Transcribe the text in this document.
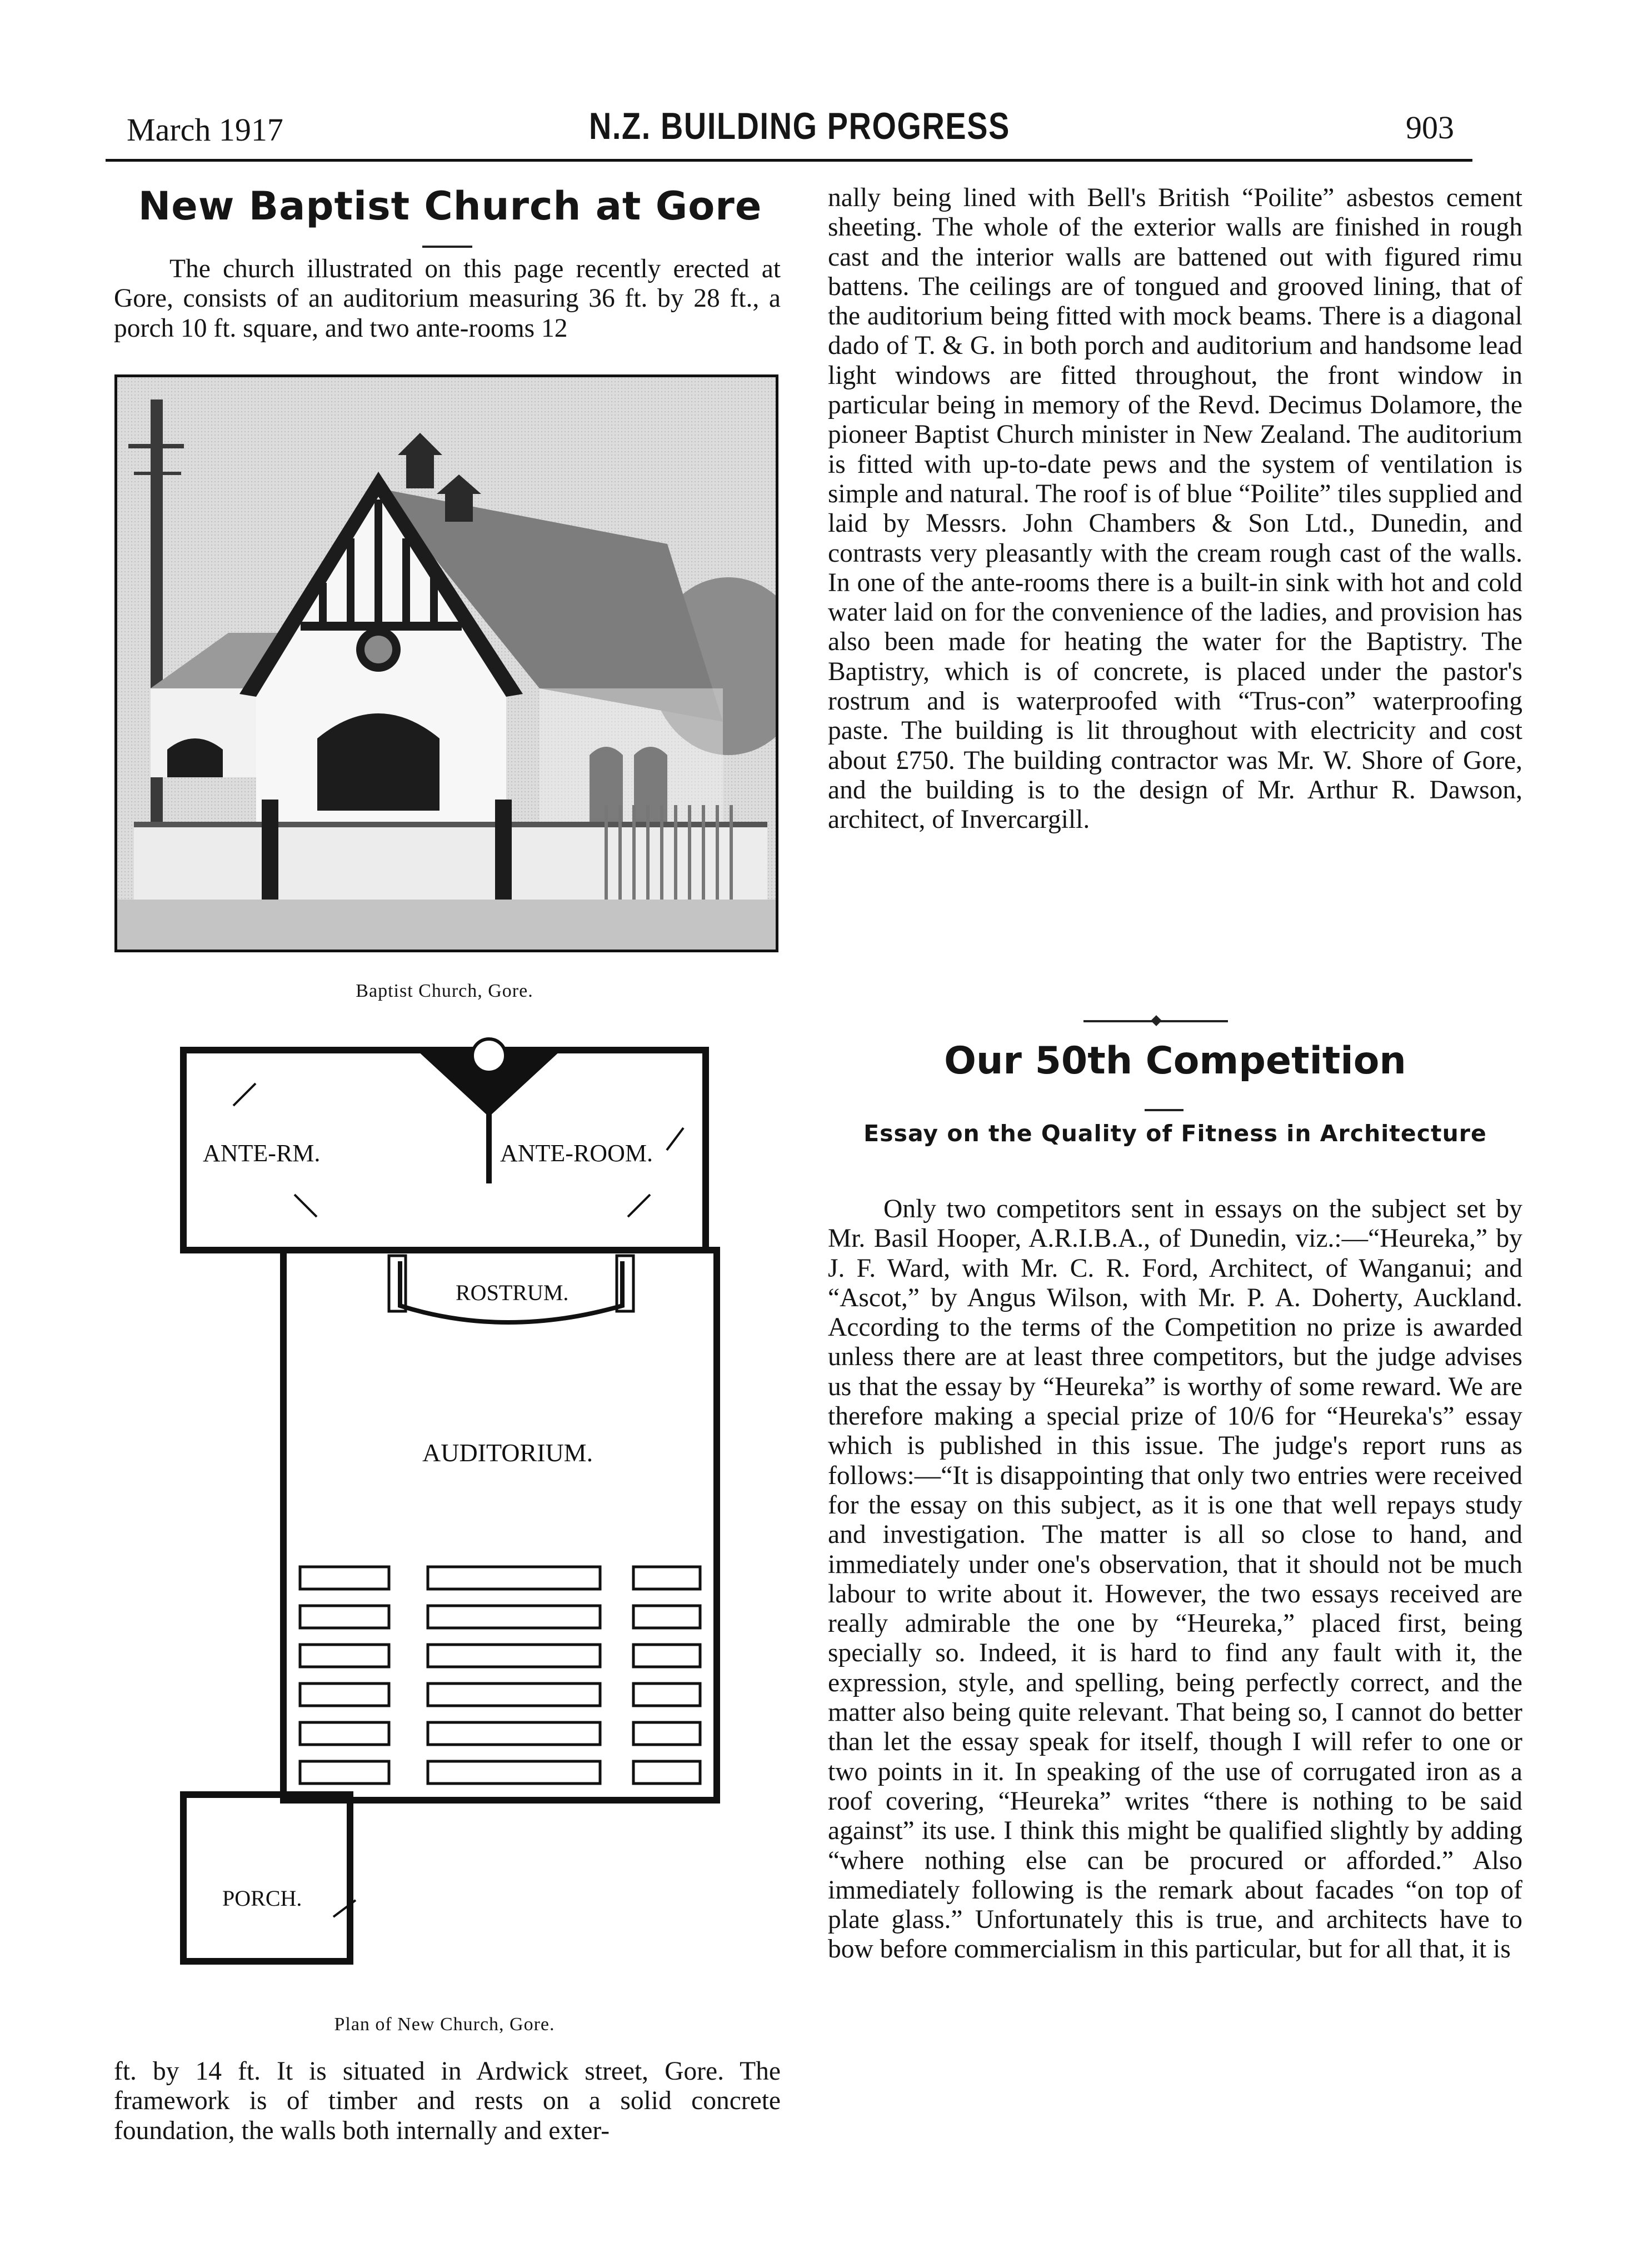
March 1917	N.Z. BUILDING PROGRESS	903
New Baptist Church at Gore

The church illustrated on this page recently erected at Gore, consists of an auditorium measuring 36 ft. by 28 ft., a porch 10 ft. square, and two ante-rooms 12

Baptist Church, Gore.
ANTE-RM.	ANTE-ROOM.
ROSTRUM.
AUDITORIUM.
PORCH.
Plan of New Church, Gore.

ft. by 14 ft. It is situated in Ardwick street, Gore. The framework is of timber and rests on a solid concrete foundation, the walls both internally and exter-

nally being lined with Bell's British “Poilite” asbestos cement sheeting. The whole of the exterior walls are finished in rough cast and the interior walls are battened out with figured rimu battens. The ceilings are of tongued and grooved lining, that of the auditorium being fitted with mock beams. There is a diagonal dado of T. & G. in both porch and auditorium and handsome lead light windows are fitted throughout, the front window in particular being in memory of the Revd. Decimus Dolamore, the pioneer Baptist Church minister in New Zealand. The auditorium is fitted with up-to-date pews and the system of ventilation is simple and natural. The roof is of blue “Poilite” tiles supplied and laid by Messrs. John Chambers & Son Ltd., Dunedin, and contrasts very pleasantly with the cream rough cast of the walls. In one of the ante-rooms there is a built-in sink with hot and cold water laid on for the convenience of the ladies, and provision has also been made for heating the water for the Baptistry. The Baptistry, which is of concrete, is placed under the pastor's rostrum and is waterproofed with “Trus-con” waterproofing paste. The building is lit throughout with electricity and cost about £750. The building contractor was Mr. W. Shore of Gore, and the building is to the design of Mr. Arthur R. Dawson, architect, of Invercargill.

Our 50th Competition
Essay on the Quality of Fitness in Architecture

Only two competitors sent in essays on the subject set by Mr. Basil Hooper, A.R.I.B.A., of Dunedin, viz.:—“Heureka,” by J. F. Ward, with Mr. C. R. Ford, Architect, of Wanganui; and “Ascot,” by Angus Wilson, with Mr. P. A. Doherty, Auckland. According to the terms of the Competition no prize is awarded unless there are at least three competitors, but the judge advises us that the essay by “Heureka” is worthy of some reward. We are therefore making a special prize of 10/6 for “Heureka's” essay which is published in this issue. The judge's report runs as follows:—“It is disappointing that only two entries were received for the essay on this subject, as it is one that well repays study and investigation. The matter is all so close to hand, and immediately under one's observation, that it should not be much labour to write about it. However, the two essays received are really admirable the one by “Heureka,” placed first, being specially so. Indeed, it is hard to find any fault with it, the expression, style, and spelling, being perfectly correct, and the matter also being quite relevant. That being so, I cannot do better than let the essay speak for itself, though I will refer to one or two points in it. In speaking of the use of corrugated iron as a roof covering, “Heureka” writes “there is nothing to be said against” its use. I think this might be qualified slightly by adding “where nothing else can be procured or afforded.” Also immediately following is the remark about facades “on top of plate glass.” Unfortunately this is true, and architects have to bow before commercialism in this particular, but for all that, it is
